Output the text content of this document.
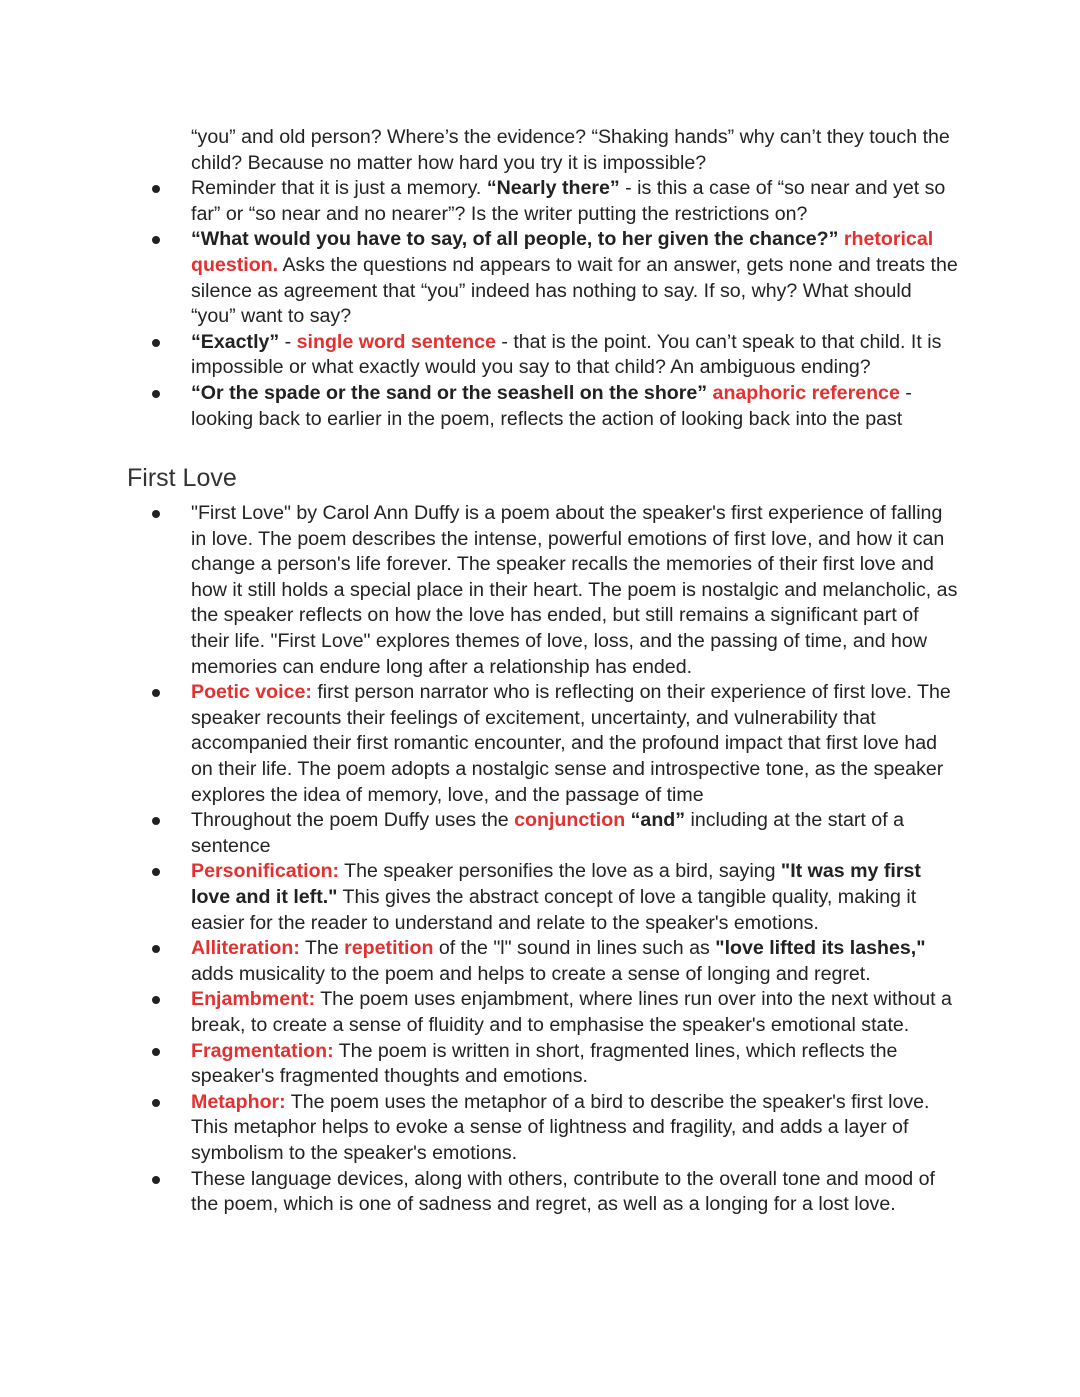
“you” and old person? Where’s the evidence? “Shaking hands” why can’t they touch the
child? Because no matter how hard you try it is impossible?
Reminder that it is just a memory. “Nearly there” - is this a case of “so near and yet so
far” or “so near and no nearer”? Is the writer putting the restrictions on?
“What would you have to say, of all people, to her given the chance?” rhetorical
question. Asks the questions nd appears to wait for an answer, gets none and treats the
silence as agreement that “you” indeed has nothing to say. If so, why? What should
“you” want to say?
“Exactly” - single word sentence - that is the point. You can’t speak to that child. It is
impossible or what exactly would you say to that child? An ambiguous ending?
“Or the spade or the sand or the seashell on the shore” anaphoric reference -
looking back to earlier in the poem, reflects the action of looking back into the past
First Love
"First Love" by Carol Ann Duffy is a poem about the speaker's first experience of falling
in love. The poem describes the intense, powerful emotions of first love, and how it can
change a person's life forever. The speaker recalls the memories of their first love and
how it still holds a special place in their heart. The poem is nostalgic and melancholic, as
the speaker reflects on how the love has ended, but still remains a significant part of
their life. "First Love" explores themes of love, loss, and the passing of time, and how
memories can endure long after a relationship has ended.
Poetic voice: first person narrator who is reflecting on their experience of first love. The
speaker recounts their feelings of excitement, uncertainty, and vulnerability that
accompanied their first romantic encounter, and the profound impact that first love had
on their life. The poem adopts a nostalgic sense and introspective tone, as the speaker
explores the idea of memory, love, and the passage of time
Throughout the poem Duffy uses the conjunction “and” including at the start of a
sentence
Personification: The speaker personifies the love as a bird, saying "It was my first
love and it left." This gives the abstract concept of love a tangible quality, making it
easier for the reader to understand and relate to the speaker's emotions.
Alliteration: The repetition of the "l" sound in lines such as "love lifted its lashes,"
adds musicality to the poem and helps to create a sense of longing and regret.
Enjambment: The poem uses enjambment, where lines run over into the next without a
break, to create a sense of fluidity and to emphasise the speaker's emotional state.
Fragmentation: The poem is written in short, fragmented lines, which reflects the
speaker's fragmented thoughts and emotions.
Metaphor: The poem uses the metaphor of a bird to describe the speaker's first love.
This metaphor helps to evoke a sense of lightness and fragility, and adds a layer of
symbolism to the speaker's emotions.
These language devices, along with others, contribute to the overall tone and mood of
the poem, which is one of sadness and regret, as well as a longing for a lost love.
